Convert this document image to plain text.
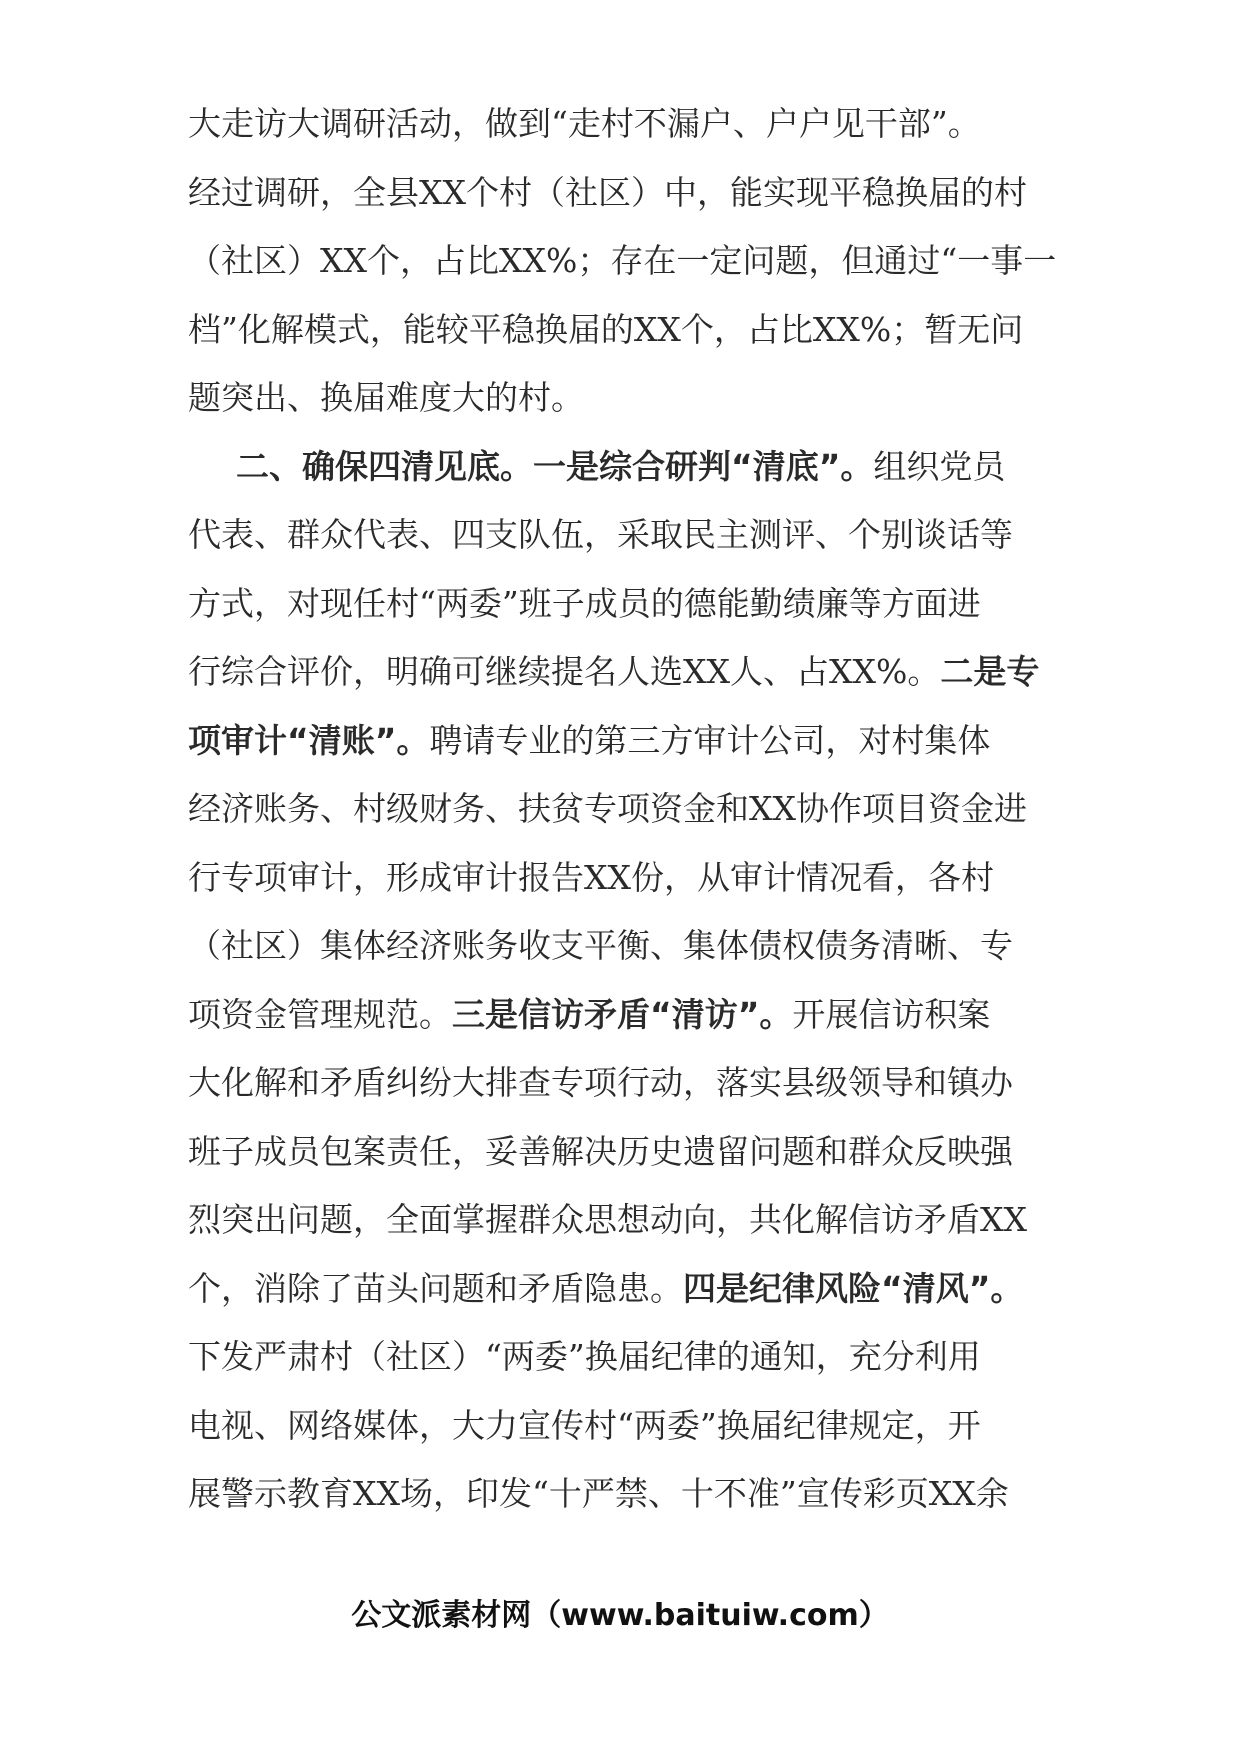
大走访大调研活动，做到“走村不漏户、户户见干部”。
经过调研，全县XX个村（社区）中，能实现平稳换届的村
（社区）XX个，占比XX%；存在一定问题，但通过“一事一
档”化解模式，能较平稳换届的XX个，占比XX%；暂无问
题突出、换届难度大的村。
二、确保四清见底。一是综合研判“清底”。组织党员
代表、群众代表、四支队伍，采取民主测评、个别谈话等
方式，对现任村“两委”班子成员的德能勤绩廉等方面进
行综合评价，明确可继续提名人选XX人、占XX%。二是专
项审计“清账”。聘请专业的第三方审计公司，对村集体
经济账务、村级财务、扶贫专项资金和XX协作项目资金进
行专项审计，形成审计报告XX份，从审计情况看，各村
（社区）集体经济账务收支平衡、集体债权债务清晰、专
项资金管理规范。三是信访矛盾“清访”。开展信访积案
大化解和矛盾纠纷大排查专项行动，落实县级领导和镇办
班子成员包案责任，妥善解决历史遗留问题和群众反映强
烈突出问题，全面掌握群众思想动向，共化解信访矛盾XX
个，消除了苗头问题和矛盾隐患。四是纪律风险“清风”。
下发严肃村（社区）“两委”换届纪律的通知，充分利用
电视、网络媒体，大力宣传村“两委”换届纪律规定，开
展警示教育XX场，印发“十严禁、十不准”宣传彩页XX余
公文派素材网（www.baituiw.com）
